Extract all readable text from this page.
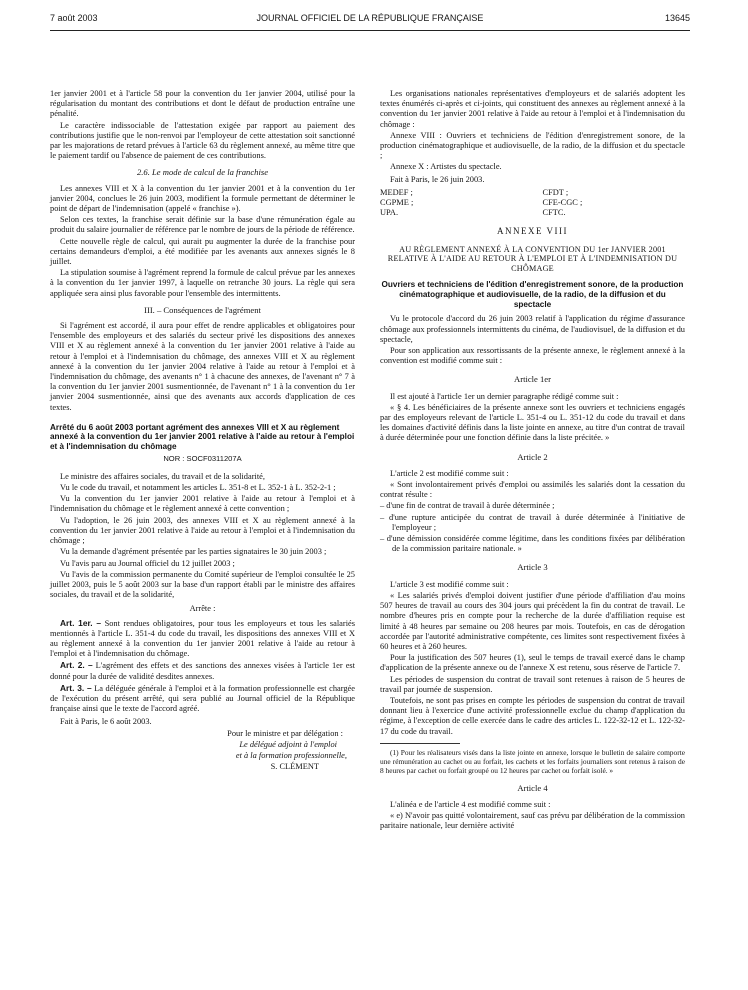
7 août 2003	JOURNAL OFFICIEL DE LA RÉPUBLIQUE FRANÇAISE	13645

1er janvier 2001 et à l'article 58 pour la convention du 1er janvier 2004, utilisé pour la régularisation du montant des contributions et dont le défaut de production entraîne une pénalité.

Le caractère indissociable de l'attestation exigée par rapport au paiement des contributions justifie que le non-renvoi par l'employeur de cette attestation soit sanctionné par les majorations de retard prévues à l'article 63 du règlement annexé, au même titre que le paiement tardif ou l'absence de paiement de ces contributions.

2.6. Le mode de calcul de la franchise

Les annexes VIII et X à la convention du 1er janvier 2001 et à la convention du 1er janvier 2004, conclues le 26 juin 2003, modifient la formule permettant de déterminer le point de départ de l'indemnisation (appelé « franchise »).

Selon ces textes, la franchise serait définie sur la base d'une rémunération égale au produit du salaire journalier de référence par le nombre de jours de la période de référence.

Cette nouvelle règle de calcul, qui aurait pu augmenter la durée de la franchise pour certains demandeurs d'emploi, a été modifiée par les avenants aux annexes signés le 8 juillet.

La stipulation soumise à l'agrément reprend la formule de calcul prévue par les annexes à la convention du 1er janvier 1997, à laquelle on retranche 30 jours. La règle qui sera appliquée sera ainsi plus favorable pour l'ensemble des intermittents.

III. – Conséquences de l'agrément

Si l'agrément est accordé, il aura pour effet de rendre applicables et obligatoires pour l'ensemble des employeurs et des salariés du secteur privé les dispositions des annexes VIII et X au règlement annexé à la convention du 1er janvier 2001 relative à l'aide au retour à l'emploi et à l'indemnisation du chômage, des annexes VIII et X au règlement annexé à la convention du 1er janvier 2004 relative à l'aide au retour à l'emploi et à l'indemnisation du chômage, des avenants n° 1 à chacune des annexes, de l'avenant n° 7 à la convention du 1er janvier 2001 susmentionnée, de l'avenant n° 1 à la convention du 1er janvier 2004 susmentionnée, ainsi que des avenants aux accords d'application de ces textes.

Arrêté du 6 août 2003 portant agrément des annexes VIII et X au règlement annexé à la convention du 1er janvier 2001 relative à l'aide au retour à l'emploi et à l'indemnisation du chômage
NOR : SOCF0311207A

Le ministre des affaires sociales, du travail et de la solidarité,

Vu le code du travail, et notamment les articles L. 351-8 et L. 352-1 à L. 352-2-1 ;

Vu la convention du 1er janvier 2001 relative à l'aide au retour à l'emploi et à l'indemnisation du chômage et le règlement annexé à cette convention ;

Vu l'adoption, le 26 juin 2003, des annexes VIII et X au règlement annexé à la convention du 1er janvier 2001 relative à l'aide au retour à l'emploi et à l'indemnisation du chômage ;

Vu la demande d'agrément présentée par les parties signataires le 30 juin 2003 ;

Vu l'avis paru au Journal officiel du 12 juillet 2003 ;

Vu l'avis de la commission permanente du Comité supérieur de l'emploi consultée le 25 juillet 2003, puis le 5 août 2003 sur la base d'un rapport établi par le ministre des affaires sociales, du travail et de la solidarité,

Arrête :

Art. 1er. – Sont rendues obligatoires, pour tous les employeurs et tous les salariés mentionnés à l'article L. 351-4 du code du travail, les dispositions des annexes VIII et X au règlement annexé à la convention du 1er janvier 2001 relative à l'aide au retour à l'emploi et à l'indemnisation du chômage.

Art. 2. – L'agrément des effets et des sanctions des annexes visées à l'article 1er est donné pour la durée de validité desdites annexes.

Art. 3. – La déléguée générale à l'emploi et à la formation professionnelle est chargée de l'exécution du présent arrêté, qui sera publié au Journal officiel de la République française ainsi que le texte de l'accord agréé.

Fait à Paris, le 6 août 2003.

Pour le ministre et par délégation :

Le délégué adjoint à l'emploi

et à la formation professionnelle,

S. CLÉMENT

Les organisations nationales représentatives d'employeurs et de salariés adoptent les textes énumérés ci-après et ci-joints, qui constituent des annexes au règlement annexé à la convention du 1er janvier 2001 relative à l'aide au retour à l'emploi et à l'indemnisation du chômage :

Annexe VIII : Ouvriers et techniciens de l'édition d'enregistrement sonore, de la production cinématographique et audiovisuelle, de la radio, de la diffusion et du spectacle ;

Annexe X : Artistes du spectacle.

Fait à Paris, le 26 juin 2003.

MEDEF ;
CGPME ;
UPA.
CFDT ;
CFE-CGC ;
CFTC.
ANNEXE VIII
AU RÈGLEMENT ANNEXÉ À LA CONVENTION DU 1er JANVIER 2001 RELATIVE À L'AIDE AU RETOUR À L'EMPLOI ET À L'INDEMNISATION DU CHÔMAGE
Ouvriers et techniciens de l'édition d'enregistrement sonore, de la production cinématographique et audiovisuelle, de la radio, de la diffusion et du spectacle

Vu le protocole d'accord du 26 juin 2003 relatif à l'application du régime d'assurance chômage aux professionnels intermittents du cinéma, de l'audiovisuel, de la diffusion et du spectacle,

Pour son application aux ressortissants de la présente annexe, le règlement annexé à la convention est modifié comme suit :

Article 1er

Il est ajouté à l'article 1er un dernier paragraphe rédigé comme suit :

« § 4. Les bénéficiaires de la présente annexe sont les ouvriers et techniciens engagés par des employeurs relevant de l'article L. 351-4 ou L. 351-12 du code du travail et dans les domaines d'activité définis dans la liste jointe en annexe, au titre d'un contrat de travail à durée déterminée pour une fonction définie dans la liste précitée. »

Article 2

L'article 2 est modifié comme suit :

« Sont involontairement privés d'emploi ou assimilés les salariés dont la cessation du contrat résulte :

– d'une fin de contrat de travail à durée déterminée ;

– d'une rupture anticipée du contrat de travail à durée déterminée à l'initiative de l'employeur ;

– d'une démission considérée comme légitime, dans les conditions fixées par délibération de la commission paritaire nationale. »

Article 3

L'article 3 est modifié comme suit :

« Les salariés privés d'emploi doivent justifier d'une période d'affiliation d'au moins 507 heures de travail au cours des 304 jours qui précèdent la fin du contrat de travail. Le nombre d'heures pris en compte pour la recherche de la durée d'affiliation requise est limité à 48 heures par semaine ou 208 heures par mois. Toutefois, en cas de dérogation accordée par l'autorité administrative compétente, ces limites sont respectivement fixées à 60 heures et à 260 heures.

Pour la justification des 507 heures (1), seul le temps de travail exercé dans le champ d'application de la présente annexe ou de l'annexe X est retenu, sous réserve de l'article 7.

Les périodes de suspension du contrat de travail sont retenues à raison de 5 heures de travail par journée de suspension.

Toutefois, ne sont pas prises en compte les périodes de suspension du contrat de travail donnant lieu à l'exercice d'une activité professionnelle exclue du champ d'application du régime, à l'exception de celle exercée dans le cadre des articles L. 122-32-12 et L. 122-32-17 du code du travail.

(1) Pour les réalisateurs visés dans la liste jointe en annexe, lorsque le bulletin de salaire comporte une rémunération au cachet ou au forfait, les cachets et les forfaits journaliers sont retenus à raison de 8 heures par cachet ou forfait groupé ou 12 heures par cachet ou forfait isolé. »

Article 4

L'alinéa e de l'article 4 est modifié comme suit :

« e) N'avoir pas quitté volontairement, sauf cas prévu par délibération de la commission paritaire nationale, leur dernière activité
